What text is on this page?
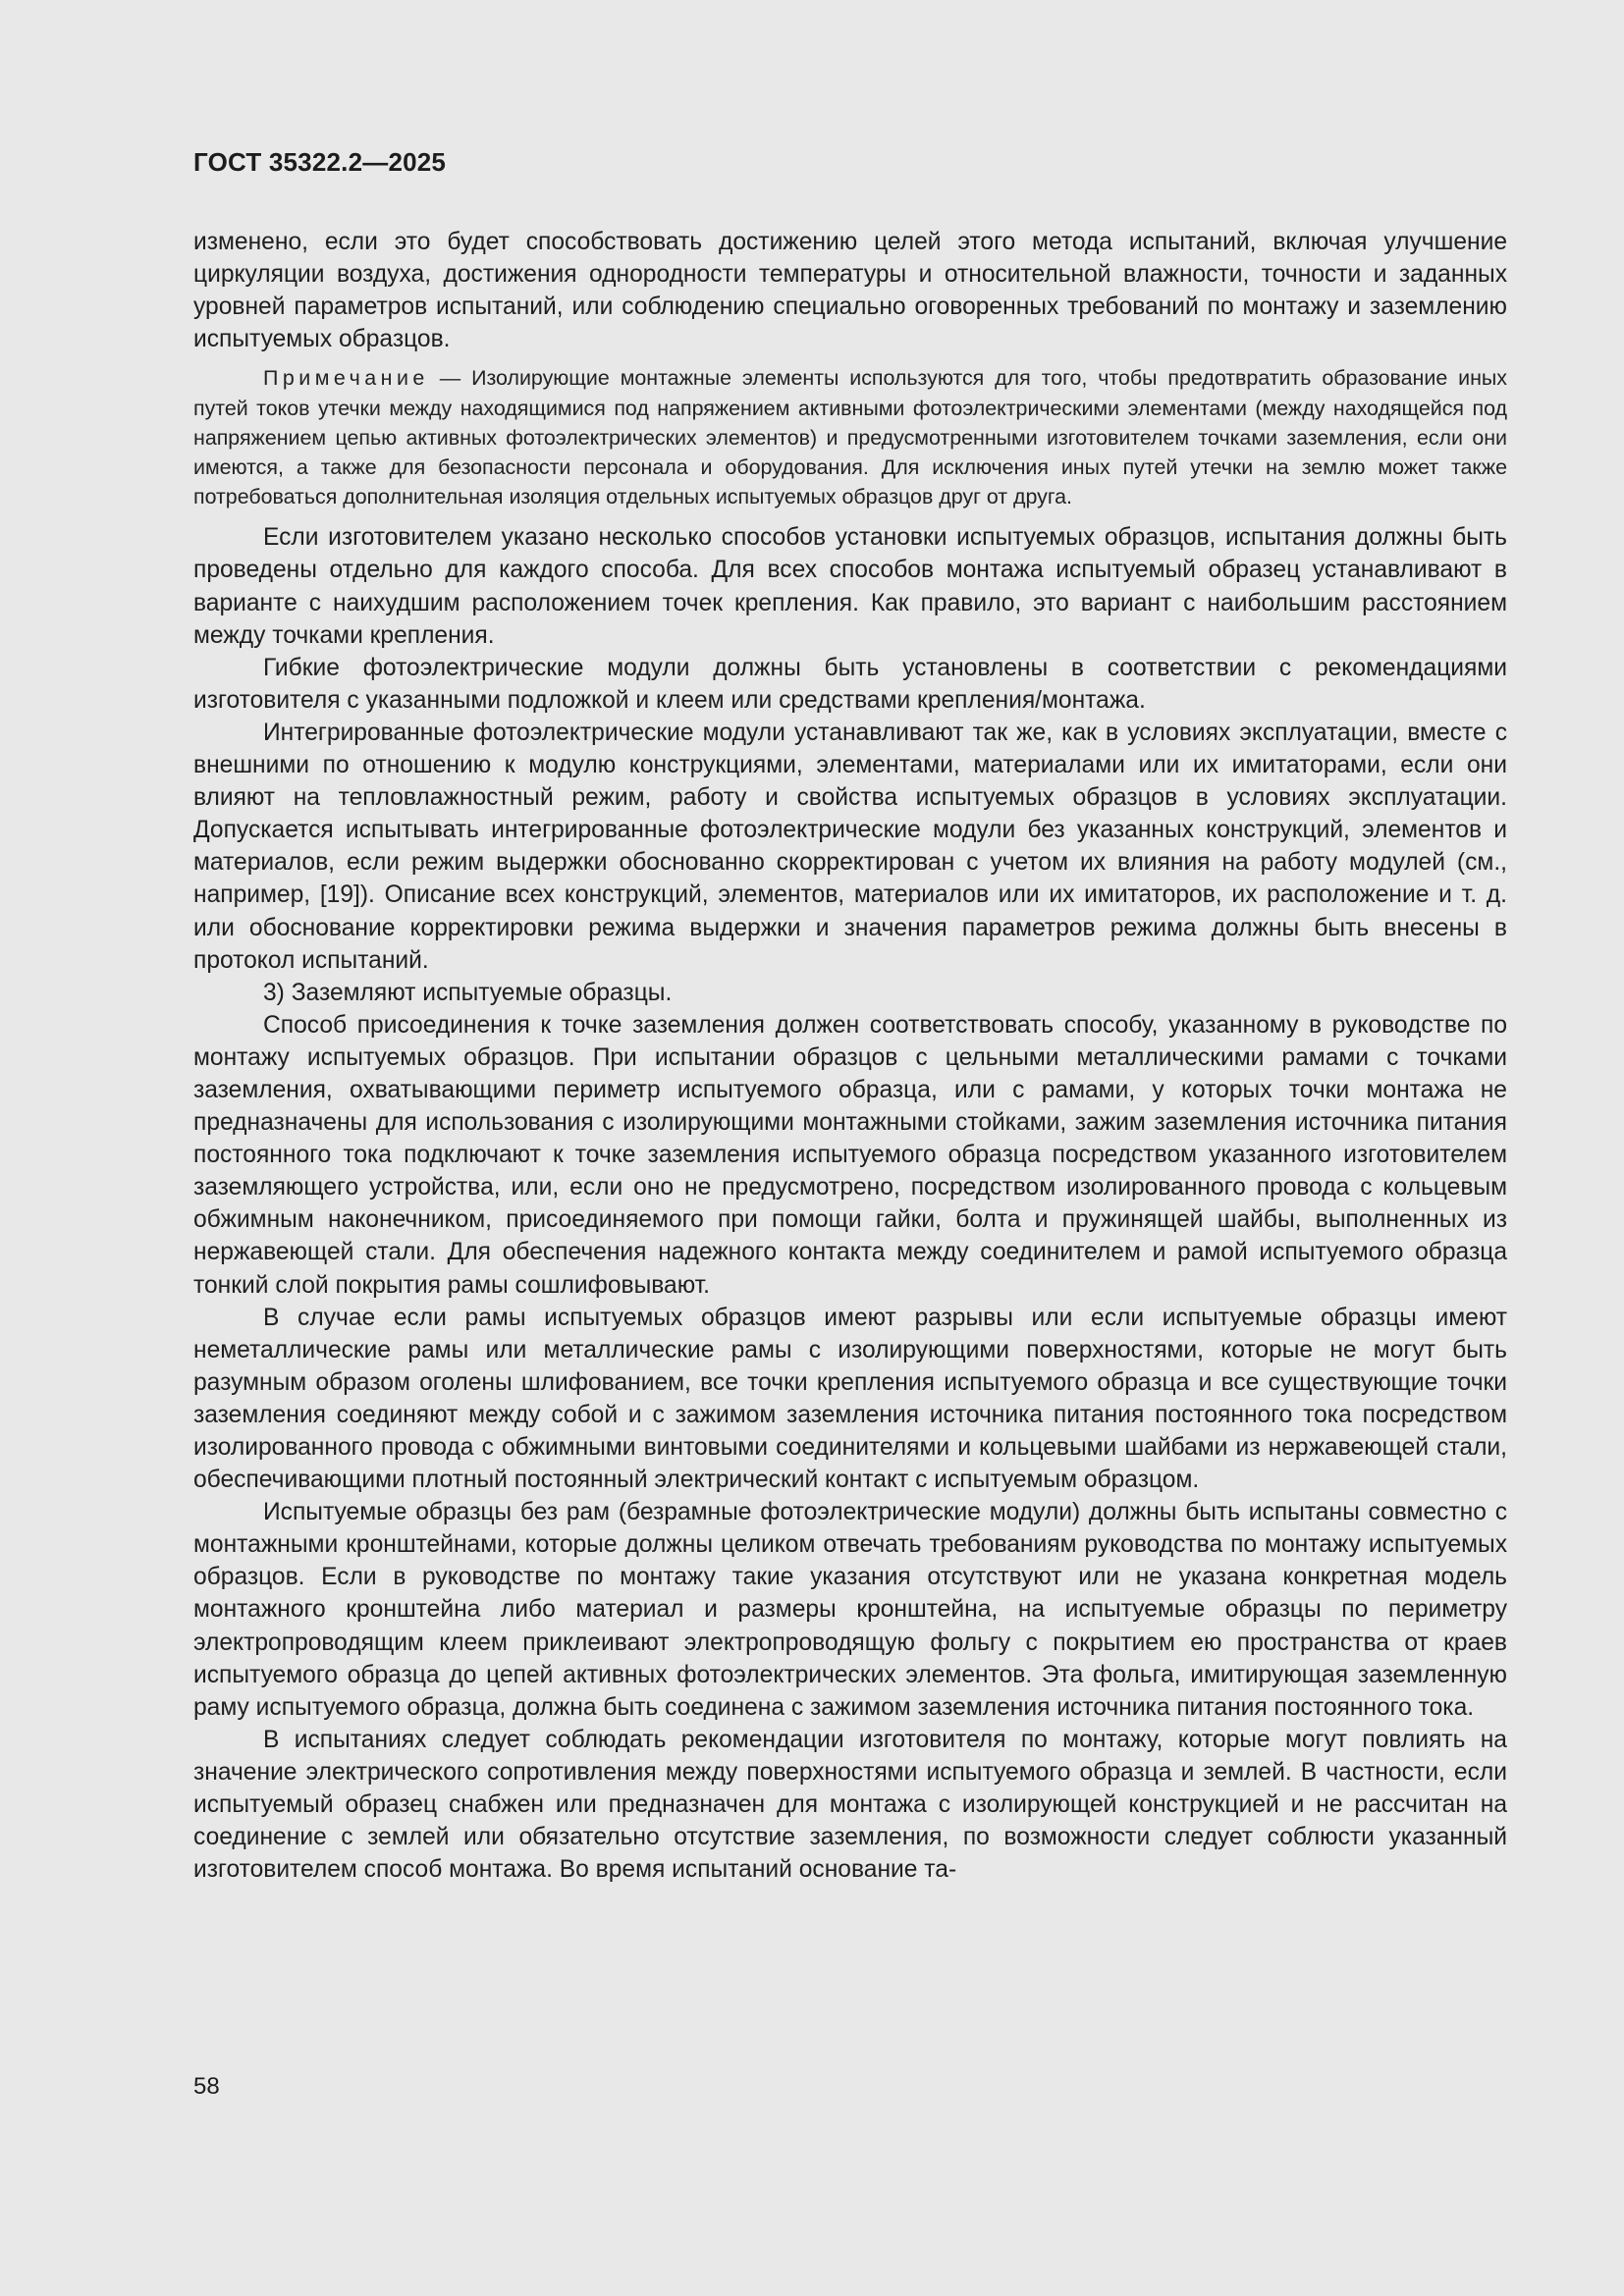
ГОСТ 35322.2—2025

изменено, если это будет способствовать достижению целей этого метода испытаний, включая улучшение циркуляции воздуха, достижения однородности температуры и относительной влажности, точности и заданных уровней параметров испытаний, или соблюдению специально оговоренных требований по монтажу и заземлению испытуемых образцов.

Примечание — Изолирующие монтажные элементы используются для того, чтобы предотвратить образование иных путей токов утечки между находящимися под напряжением активными фотоэлектрическими элементами (между находящейся под напряжением цепью активных фотоэлектрических элементов) и предусмотренными изготовителем точками заземления, если они имеются, а также для безопасности персонала и оборудования. Для исключения иных путей утечки на землю может также потребоваться дополнительная изоляция отдельных испытуемых образцов друг от друга.

Если изготовителем указано несколько способов установки испытуемых образцов, испытания должны быть проведены отдельно для каждого способа. Для всех способов монтажа испытуемый образец устанавливают в варианте с наихудшим расположением точек крепления. Как правило, это вариант с наибольшим расстоянием между точками крепления.

Гибкие фотоэлектрические модули должны быть установлены в соответствии с рекомендациями изготовителя с указанными подложкой и клеем или средствами крепления/монтажа.

Интегрированные фотоэлектрические модули устанавливают так же, как в условиях эксплуатации, вместе с внешними по отношению к модулю конструкциями, элементами, материалами или их имитаторами, если они влияют на тепловлажностный режим, работу и свойства испытуемых образцов в условиях эксплуатации. Допускается испытывать интегрированные фотоэлектрические модули без указанных конструкций, элементов и материалов, если режим выдержки обоснованно скорректирован с учетом их влияния на работу модулей (см., например, [19]). Описание всех конструкций, элементов, материалов или их имитаторов, их расположение и т. д. или обоснование корректировки режима выдержки и значения параметров режима должны быть внесены в протокол испытаний.

3) Заземляют испытуемые образцы.

Способ присоединения к точке заземления должен соответствовать способу, указанному в руководстве по монтажу испытуемых образцов. При испытании образцов с цельными металлическими рамами с точками заземления, охватывающими периметр испытуемого образца, или с рамами, у которых точки монтажа не предназначены для использования с изолирующими монтажными стойками, зажим заземления источника питания постоянного тока подключают к точке заземления испытуемого образца посредством указанного изготовителем заземляющего устройства, или, если оно не предусмотрено, посредством изолированного провода с кольцевым обжимным наконечником, присоединяемого при помощи гайки, болта и пружинящей шайбы, выполненных из нержавеющей стали. Для обеспечения надежного контакта между соединителем и рамой испытуемого образца тонкий слой покрытия рамы сошлифовывают.

В случае если рамы испытуемых образцов имеют разрывы или если испытуемые образцы имеют неметаллические рамы или металлические рамы с изолирующими поверхностями, которые не могут быть разумным образом оголены шлифованием, все точки крепления испытуемого образца и все существующие точки заземления соединяют между собой и с зажимом заземления источника питания постоянного тока посредством изолированного провода с обжимными винтовыми соединителями и кольцевыми шайбами из нержавеющей стали, обеспечивающими плотный постоянный электрический контакт с испытуемым образцом.

Испытуемые образцы без рам (безрамные фотоэлектрические модули) должны быть испытаны совместно с монтажными кронштейнами, которые должны целиком отвечать требованиям руководства по монтажу испытуемых образцов. Если в руководстве по монтажу такие указания отсутствуют или не указана конкретная модель монтажного кронштейна либо материал и размеры кронштейна, на испытуемые образцы по периметру электропроводящим клеем приклеивают электропроводящую фольгу с покрытием ею пространства от краев испытуемого образца до цепей активных фотоэлектрических элементов. Эта фольга, имитирующая заземленную раму испытуемого образца, должна быть соединена с зажимом заземления источника питания постоянного тока.

В испытаниях следует соблюдать рекомендации изготовителя по монтажу, которые могут повлиять на значение электрического сопротивления между поверхностями испытуемого образца и землей. В частности, если испытуемый образец снабжен или предназначен для монтажа с изолирующей конструкцией и не рассчитан на соединение с землей или обязательно отсутствие заземления, по возможности следует соблюсти указанный изготовителем способ монтажа. Во время испытаний основание та-

58
